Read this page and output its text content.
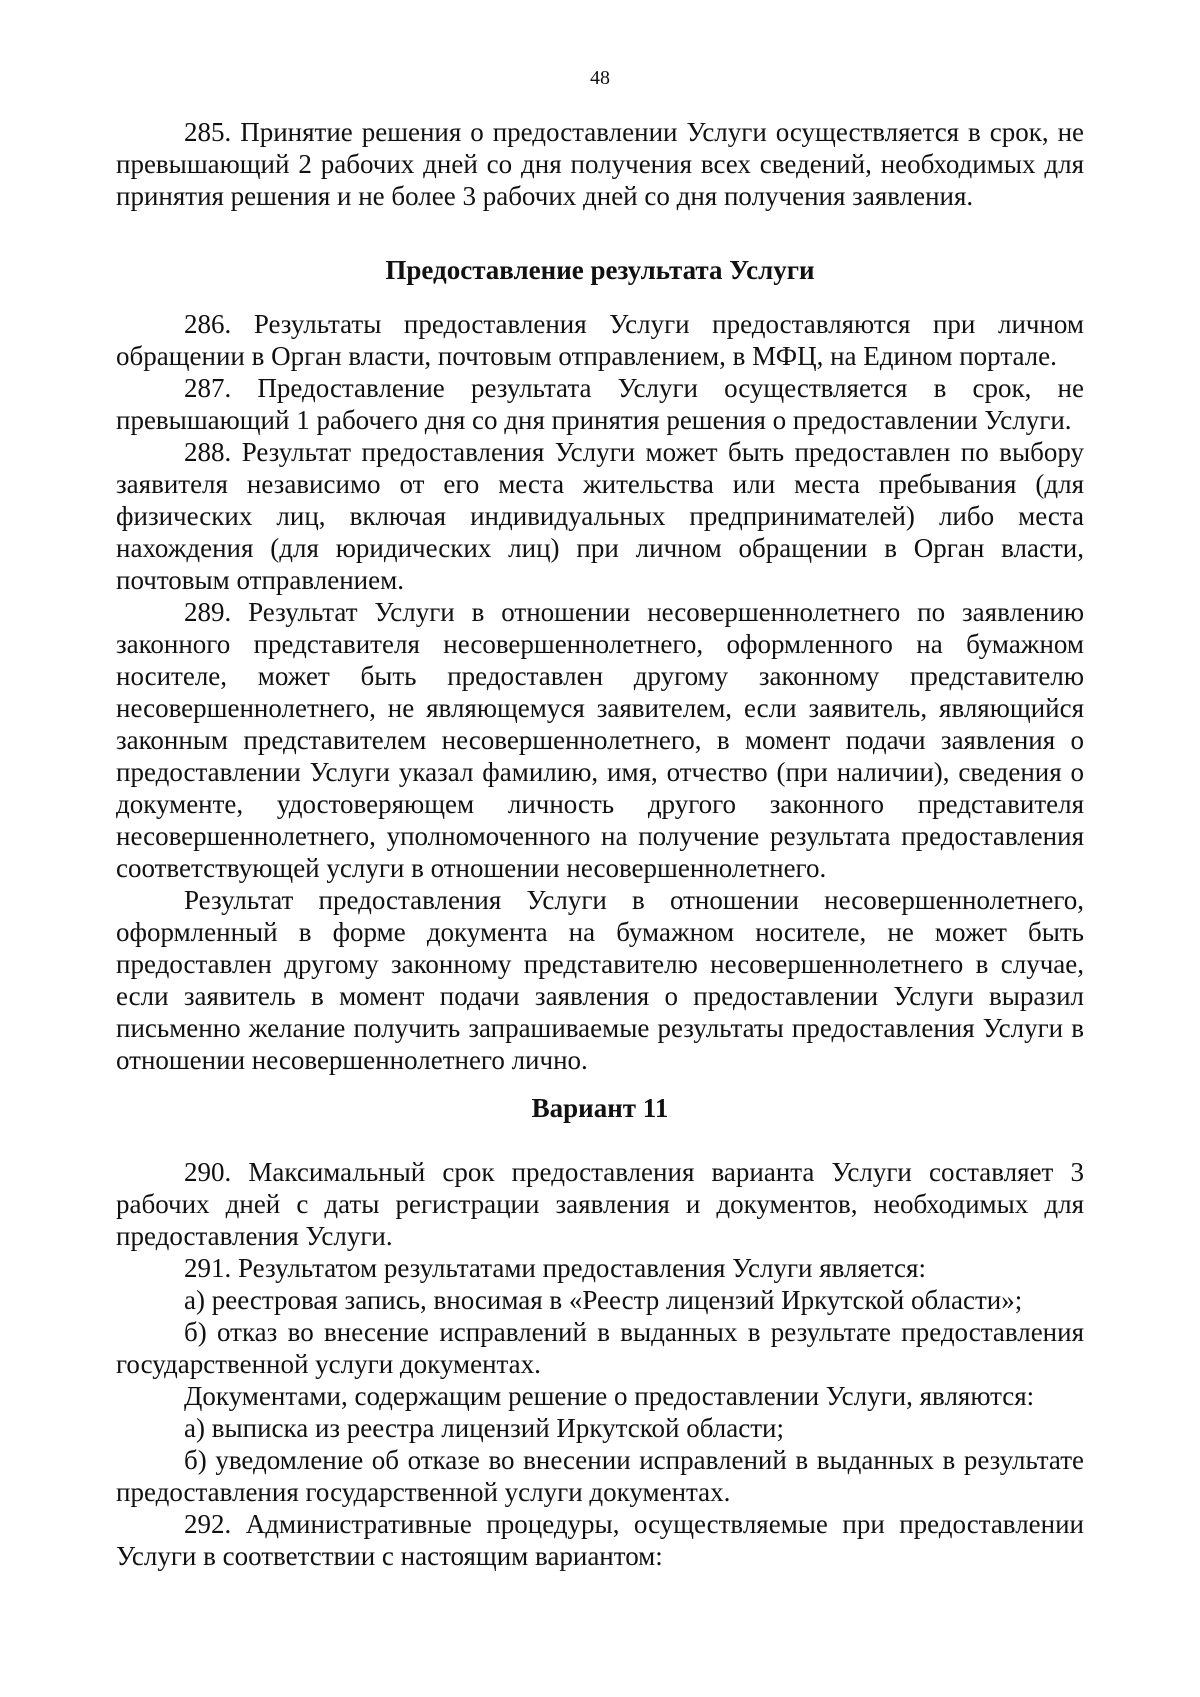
48

285. Принятие решения о предоставлении Услуги осуществляется в срок, не превышающий 2 рабочих дней со дня получения всех сведений, необходимых для принятия решения и не более 3 рабочих дней со дня получения заявления.

Предоставление результата Услуги

286. Результаты предоставления Услуги предоставляются при личном обращении в Орган власти, почтовым отправлением, в МФЦ, на Едином портале.

287. Предоставление результата Услуги осуществляется в срок, не превышающий 1 рабочего дня со дня принятия решения о предоставлении Услуги.

288. Результат предоставления Услуги может быть предоставлен по выбору заявителя независимо от его места жительства или места пребывания (для физических лиц, включая индивидуальных предпринимателей) либо места нахождения (для юридических лиц) при личном обращении в Орган власти, почтовым отправлением.

289. Результат Услуги в отношении несовершеннолетнего по заявлению законного представителя несовершеннолетнего, оформленного на бумажном носителе, может быть предоставлен другому законному представителю несовершеннолетнего, не являющемуся заявителем, если заявитель, являющийся законным представителем несовершеннолетнего, в момент подачи заявления о предоставлении Услуги указал фамилию, имя, отчество (при наличии), сведения о документе, удостоверяющем личность другого законного представителя несовершеннолетнего, уполномоченного на получение результата предоставления соответствующей услуги в отношении несовершеннолетнего.

Результат предоставления Услуги в отношении несовершеннолетнего, оформленный в форме документа на бумажном носителе, не может быть предоставлен другому законному представителю несовершеннолетнего в случае, если заявитель в момент подачи заявления о предоставлении Услуги выразил письменно желание получить запрашиваемые результаты предоставления Услуги в отношении несовершеннолетнего лично.

Вариант 11

290. Максимальный срок предоставления варианта Услуги составляет 3 рабочих дней с даты регистрации заявления и документов, необходимых для предоставления Услуги.

291. Результатом результатами предоставления Услуги является:

а) реестровая запись, вносимая в «Реестр лицензий Иркутской области»;

б) отказ во внесение исправлений в выданных в результате предоставления государственной услуги документах.

Документами, содержащим решение о предоставлении Услуги, являются:

а) выписка из реестра лицензий Иркутской области;

б) уведомление об отказе во внесении исправлений в выданных в результате предоставления государственной услуги документах.

292. Административные процедуры, осуществляемые при предоставлении Услуги в соответствии с настоящим вариантом:
